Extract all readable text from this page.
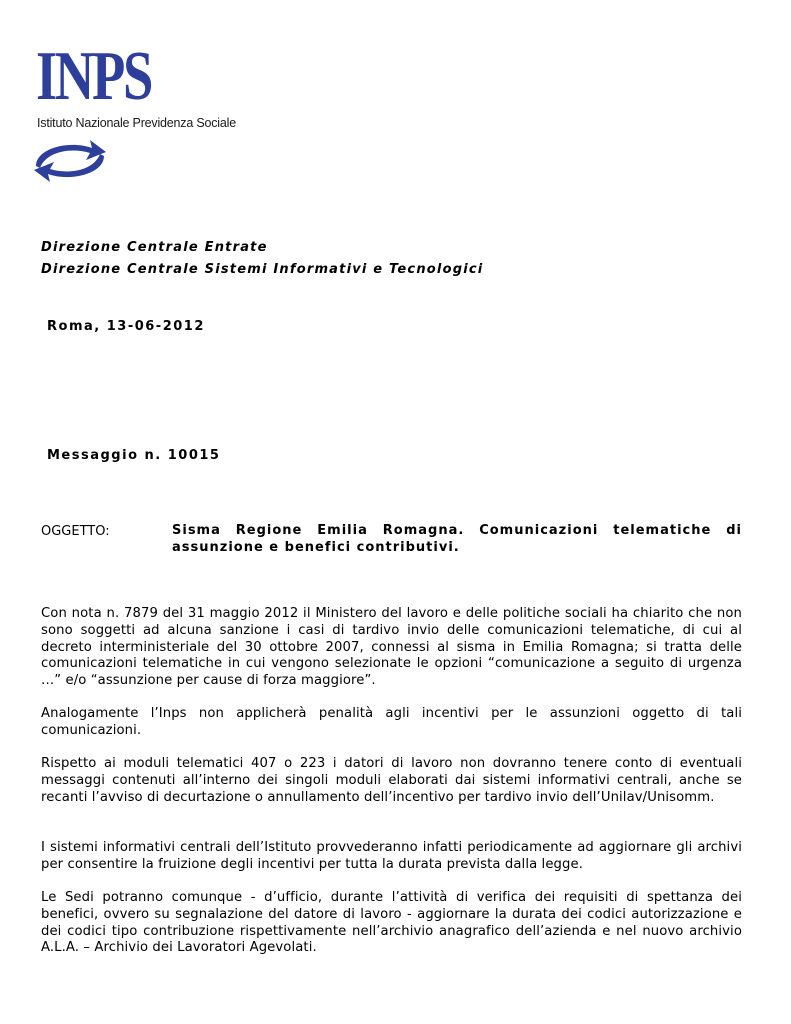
INPS
Istituto Nazionale Previdenza Sociale
Direzione Centrale Entrate
Direzione Centrale Sistemi Informativi e Tecnologici
Roma, 13-06-2012
Messaggio n. 10015
OGGETTO:	Sisma Regione Emilia Romagna. Comunicazioni telematiche di assunzione e benefici contributivi.
Con nota n. 7879 del 31 maggio 2012 il Ministero del lavoro e delle politiche sociali ha chiarito che non sono soggetti ad alcuna sanzione i casi di tardivo invio delle comunicazioni telematiche, di cui al decreto interministeriale del 30 ottobre 2007, connessi al sisma in Emilia Romagna; si tratta delle comunicazioni telematiche in cui vengono selezionate le opzioni “comunicazione a seguito di urgenza …” e/o “assunzione per cause di forza maggiore”.
Analogamente l’Inps non applicherà penalità agli incentivi per le assunzioni oggetto di tali comunicazioni.
Rispetto ai moduli telematici 407 o 223 i datori di lavoro non dovranno tenere conto di eventuali messaggi contenuti all’interno dei singoli moduli elaborati dai sistemi informativi centrali, anche se recanti l’avviso di decurtazione o annullamento dell’incentivo per tardivo invio dell’Unilav/Unisomm.
I sistemi informativi centrali dell’Istituto provvederanno infatti periodicamente ad aggiornare gli archivi per consentire la fruizione degli incentivi per tutta la durata prevista dalla legge.
Le Sedi potranno comunque - d’ufficio, durante l’attività di verifica dei requisiti di spettanza dei benefici, ovvero su segnalazione del datore di lavoro - aggiornare la durata dei codici autorizzazione e dei codici tipo contribuzione rispettivamente nell’archivio anagrafico dell’azienda e nel nuovo archivio A.L.A. – Archivio dei Lavoratori Agevolati.
